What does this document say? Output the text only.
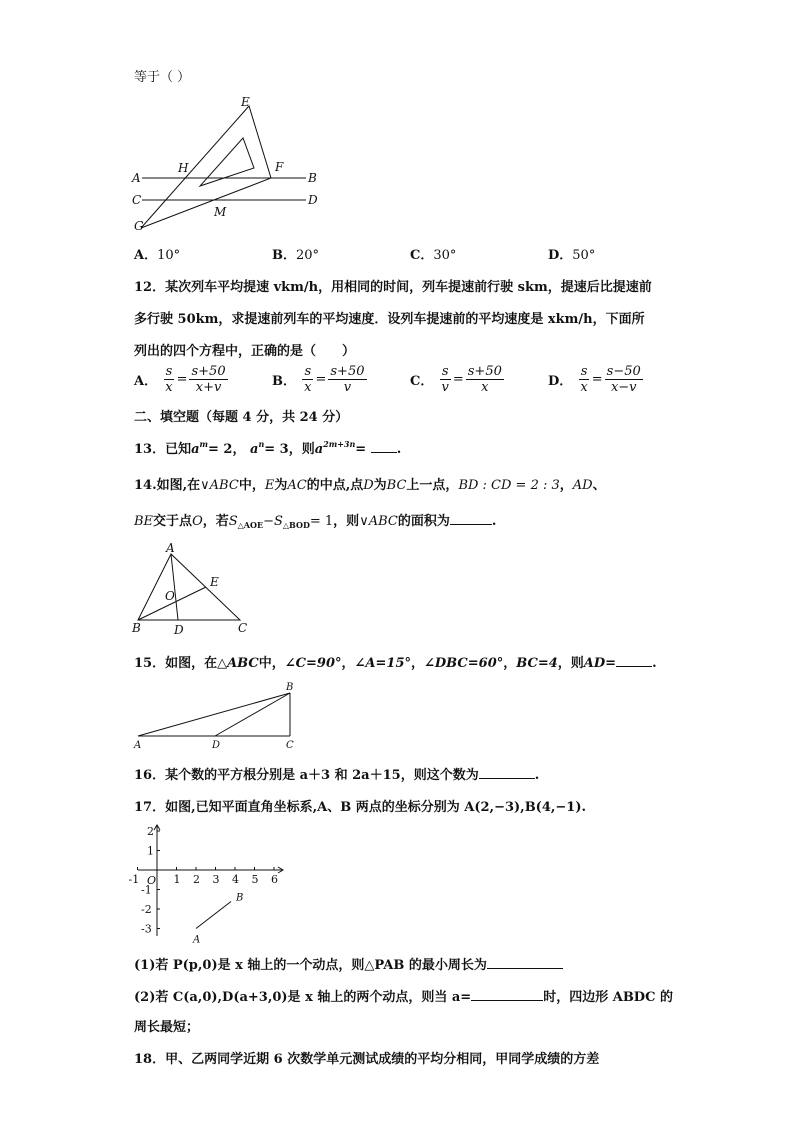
等于（ ）
E
H	F
A	B
C	D
G
M
A．10°	B．20°	C．30°	D．50°
12．某次列车平均提速 vkm/h，用相同的时间，列车提速前行驶 skm，提速后比提速前
多行驶 50km，求提速前列车的平均速度．设列车提速前的平均速度是 xkm/h，下面所
列出的四个方程中，正确的是（　　）
A． $\frac{s}{x} = \frac{s+50}{x+v}$	B． $\frac{s}{x} = \frac{s+50}{v}$	C． $\frac{s}{v} = \frac{s+50}{x}$	D． $\frac{s}{x} = \frac{s-50}{x-v}$
二、填空题（每题 4 分，共 24 分）
13．已知$a^m= 2$， $a^n= 3$，则$a^{2m+3n}=$ .
14.如图,在∨ABC中，E为AC的中点,点D为BC上一点，BD : CD = 2 : 3，AD、
BE交于点O，若$S_{\triangle AOE}-S_{\triangle BOD}= 1$，则∨ABC的面积为	.
A
E
O
B	D	C
15．如图，在△ABC中，∠C=90°，∠A=15°，∠DBC=60°，BC=4，则AD=	.
A	D	C
B
16．某个数的平方根分别是 a＋3 和 2a＋15，则这个数为	.
17．如图,已知平面直角坐标系,A、B 两点的坐标分别为 A(2,−3),B(4,−1).
-1	1 2 3 4 5 6
2
1
-1
-2
-3
O
A
B
(1)若 P(p,0)是 x 轴上的一个动点，则△PAB 的最小周长为
(2)若 C(a,0),D(a+3,0)是 x 轴上的两个动点，则当 a=	时，四边形 ABDC 的
周长最短；
18．甲、乙两同学近期 6 次数学单元测试成绩的平均分相同，甲同学成绩的方差
